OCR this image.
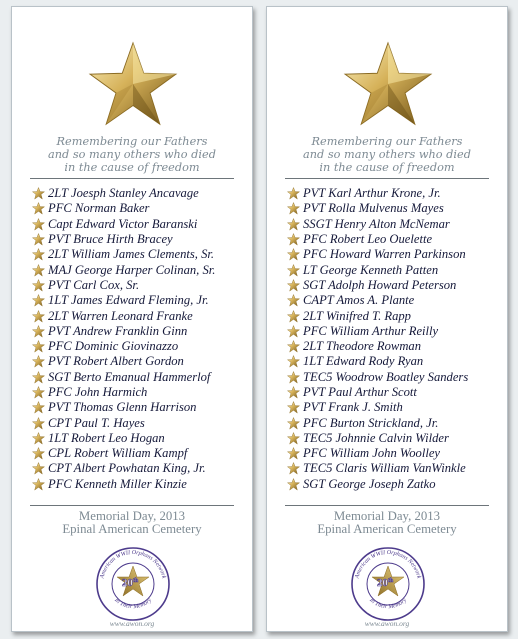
Remembering our Fathers
and so many others who died
in the cause of freedom
2LT Joesph Stanley Ancavage
PFC Norman Baker
Capt Edward Victor Baranski
PVT Bruce Hirth Bracey
2LT William James Clements, Sr.
MAJ George Harper Colinan, Sr.
PVT Carl Cox, Sr.
1LT James Edward Fleming, Jr.
2LT Warren Leonard Franke
PVT Andrew Franklin Ginn
PFC Dominic Giovinazzo
PVT Robert Albert Gordon
SGT Berto Emanual Hammerlof
PFC John Harmich
PVT Thomas Glenn Harrison
CPT Paul T. Hayes
1LT Robert Leo Hogan
CPL Robert William Kampf
CPT Albert Powhatan King, Jr.
PFC Kenneth Miller Kinzie
Memorial Day, 2013
Epinal American Cemetery
American WWII Orphans Network
In Their Memory
20th
www.awon.org
Remembering our Fathers
and so many others who died
in the cause of freedom
PVT Karl Arthur Krone, Jr.
PVT Rolla Mulvenus Mayes
SSGT Henry Alton McNemar
PFC Robert Leo Ouelette
PFC Howard Warren Parkinson
LT George Kenneth Patten
SGT Adolph Howard Peterson
CAPT Amos A. Plante
2LT Winifred T. Rapp
PFC William Arthur Reilly
2LT Theodore Rowman
1LT Edward Rody Ryan
TEC5 Woodrow Boatley Sanders
PVT Paul Arthur Scott
PVT Frank J. Smith
PFC Burton Strickland, Jr.
TEC5 Johnnie Calvin Wilder
PFC William John Woolley
TEC5 Claris William VanWinkle
SGT George Joseph Zatko
Memorial Day, 2013
Epinal American Cemetery
American WWII Orphans Network
In Their Memory
20th
www.awon.org
